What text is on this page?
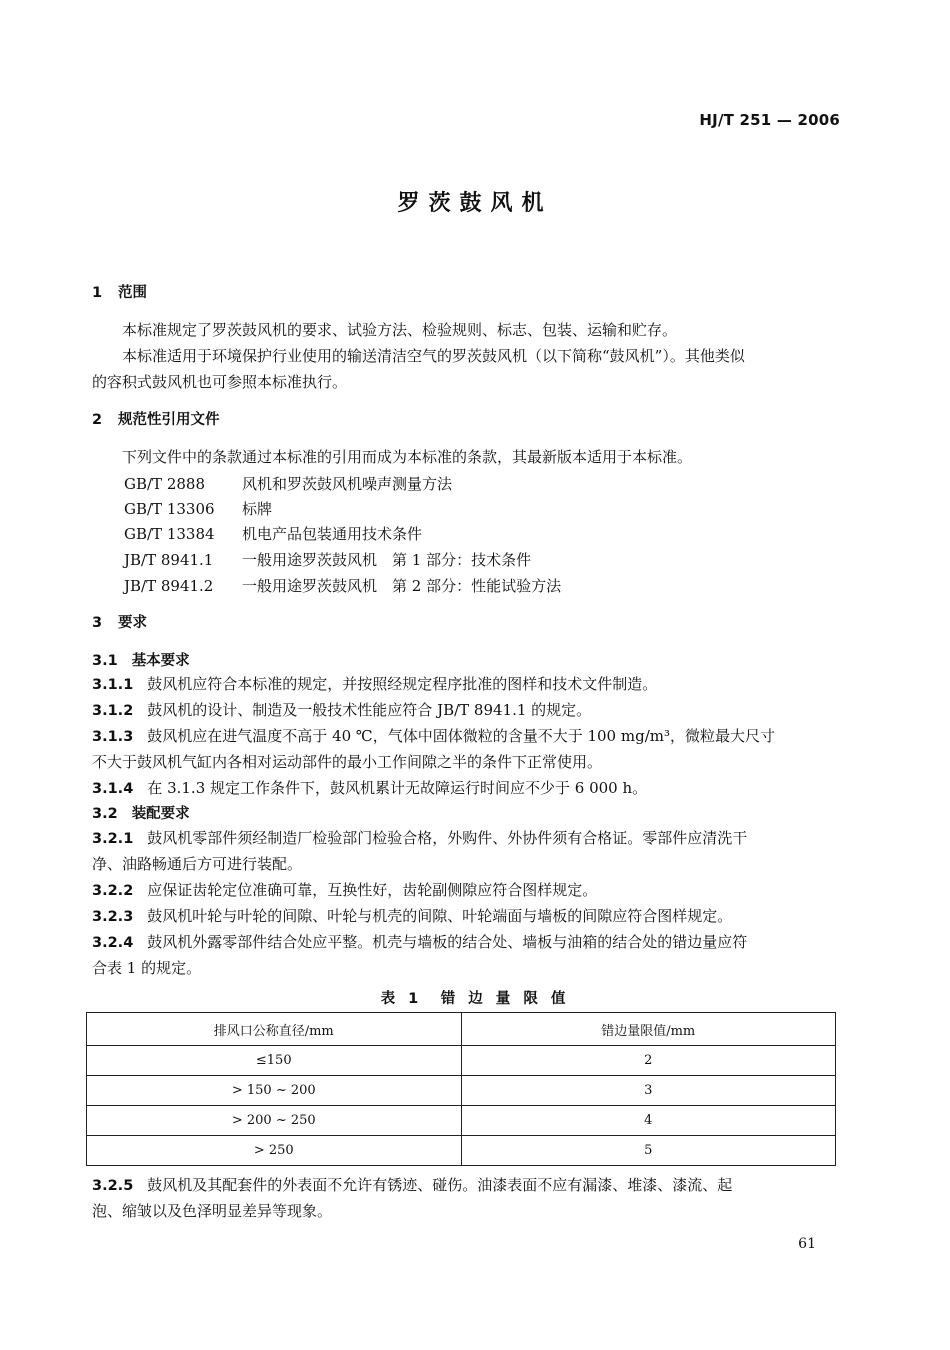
HJ/T 251 — 2006
罗茨鼓风机
1 范围
本标准规定了罗茨鼓风机的要求、试验方法、检验规则、标志、包装、运输和贮存。
本标准适用于环境保护行业使用的输送清洁空气的罗茨鼓风机（以下简称“鼓风机”）。其他类似
的容积式鼓风机也可参照本标准执行。
2 规范性引用文件
下列文件中的条款通过本标准的引用而成为本标准的条款，其最新版本适用于本标准。
GB/T 2888 风机和罗茨鼓风机噪声测量方法
GB/T 13306 标牌
GB/T 13384 机电产品包装通用技术条件
JB/T 8941.1 一般用途罗茨鼓风机　第 1 部分：技术条件
JB/T 8941.2 一般用途罗茨鼓风机　第 2 部分：性能试验方法
3 要求
3.1 基本要求
3.1.1 鼓风机应符合本标准的规定，并按照经规定程序批准的图样和技术文件制造。
3.1.2 鼓风机的设计、制造及一般技术性能应符合 JB/T 8941.1 的规定。
3.1.3 鼓风机应在进气温度不高于 40 ℃，气体中固体微粒的含量不大于 100 mg/m³，微粒最大尺寸
不大于鼓风机气缸内各相对运动部件的最小工作间隙之半的条件下正常使用。
3.1.4 在 3.1.3 规定工作条件下，鼓风机累计无故障运行时间应不少于 6 000 h。
3.2 装配要求
3.2.1 鼓风机零部件须经制造厂检验部门检验合格，外购件、外协件须有合格证。零部件应清洗干
净、油路畅通后方可进行装配。
3.2.2 应保证齿轮定位准确可靠，互换性好，齿轮副侧隙应符合图样规定。
3.2.3 鼓风机叶轮与叶轮的间隙、叶轮与机壳的间隙、叶轮端面与墙板的间隙应符合图样规定。
3.2.4 鼓风机外露零部件结合处应平整。机壳与墙板的结合处、墙板与油箱的结合处的错边量应符
合表 1 的规定。
表 1　错 边 量 限 值
排风口公称直径/mm	错边量限值/mm
≤150	2
> 150 ~ 200	3
> 200 ~ 250	4
> 250	5
3.2.5 鼓风机及其配套件的外表面不允许有锈迹、碰伤。油漆表面不应有漏漆、堆漆、漆流、起
泡、缩皱以及色泽明显差异等现象。
61
